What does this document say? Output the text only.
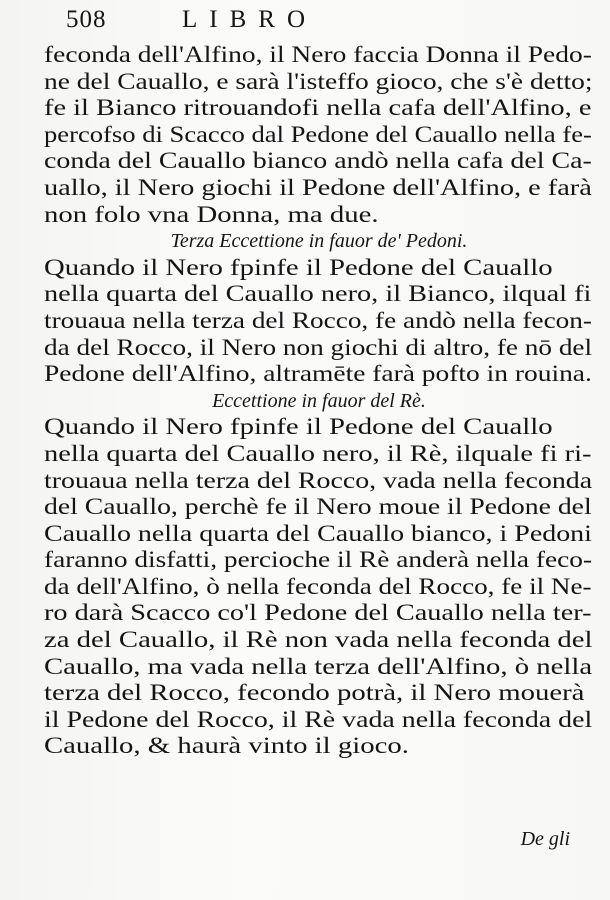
508	LIBRO
feconda dell'Alfino, il Nero faccia Donna il Pedo-
ne del Cauallo, e sarà l'isteffo gioco, che s'è detto;
fe il Bianco ritrouandofi nella cafa dell'Alfino, e
percofso di Scacco dal Pedone del Cauallo nella fe-
conda del Cauallo bianco andò nella cafa del Ca-
uallo, il Nero giochi il Pedone dell'Alfino, e farà
non folo vna Donna, ma due.
Terza Eccettione in fauor de' Pedoni.
Quando il Nero fpinfe il Pedone del Cauallo
nella quarta del Cauallo nero, il Bianco, ilqual fi
trouaua nella terza del Rocco, fe andò nella fecon-
da del Rocco, il Nero non giochi di altro, fe nō del
Pedone dell'Alfino, altramēte farà pofto in rouina.
Eccettione in fauor del Rè.
Quando il Nero fpinfe il Pedone del Cauallo
nella quarta del Cauallo nero, il Rè, ilquale fi ri-
trouaua nella terza del Rocco, vada nella feconda
del Cauallo, perchè fe il Nero moue il Pedone del
Cauallo nella quarta del Cauallo bianco, i Pedoni
faranno disfatti, percioche il Rè anderà nella feco-
da dell'Alfino, ò nella feconda del Rocco, fe il Ne-
ro darà Scacco co'l Pedone del Cauallo nella ter-
za del Cauallo, il Rè non vada nella feconda del
Cauallo, ma vada nella terza dell'Alfino, ò nella
terza del Rocco, fecondo potrà, il Nero mouerà
il Pedone del Rocco, il Rè vada nella feconda del
Cauallo, & haurà vinto il gioco.
De gli
